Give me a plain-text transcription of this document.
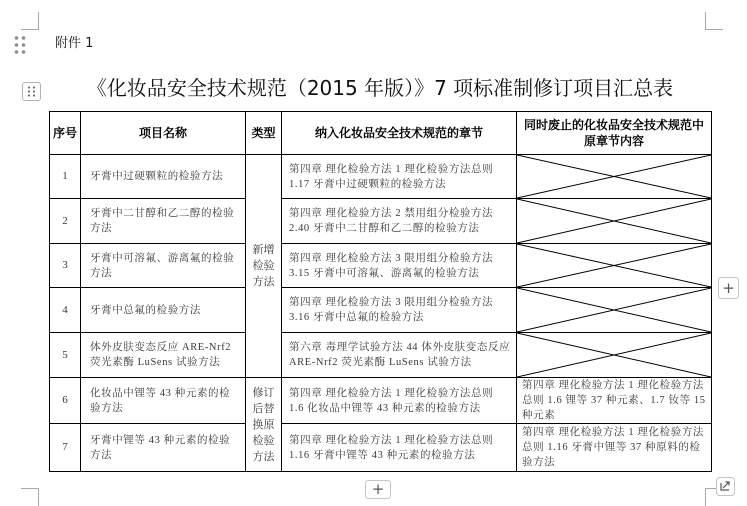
附件 1
《化妆品安全技术规范（2015 年版）》7 项标准制修订项目汇总表
序号	项目名称	类型	纳入化妆品安全技术规范的章节	同时废止的化妆品安全技术规范中原章节内容
1	牙膏中过硬颗粒的检验方法	新增检验方法	第四章 理化检验方法 1 理化检验方法总则 1.17 牙膏中过硬颗粒的检验方法	

2	牙膏中二甘醇和乙二醇的检验方法		第四章 理化检验方法 2 禁用组分检验方法 2.40 牙膏中二甘醇和乙二醇的检验方法	

3	牙膏中可溶氟、游离氟的检验方法		第四章 理化检验方法 3 限用组分检验方法 3.15 牙膏中可溶氟、游离氟的检验方法	

4	牙膏中总氟的检验方法		第四章 理化检验方法 3 限用组分检验方法 3.16 牙膏中总氟的检验方法	

5	体外皮肤变态反应 ARE-Nrf2 荧光素酶 LuSens 试验方法		第六章 毒理学试验方法 44 体外皮肤变态反应 ARE-Nrf2 荧光素酶 LuSens 试验方法	

6	化妆品中锂等 43 种元素的检验方法	修订后替换原检验方法	第四章 理化检验方法 1 理化检验方法总则 1.6 化妆品中锂等 43 种元素的检验方法	第四章 理化检验方法 1 理化检验方法总则 1.6 锂等 37 种元素、1.7 钕等 15 种元素
7	牙膏中锂等 43 种元素的检验方法		第四章 理化检验方法 1 理化检验方法总则 1.16 牙膏中锂等 43 种元素的检验方法	第四章 理化检验方法 1 理化检验方法总则 1.16 牙膏中锂等 37 种原料的检验方法
+
+
